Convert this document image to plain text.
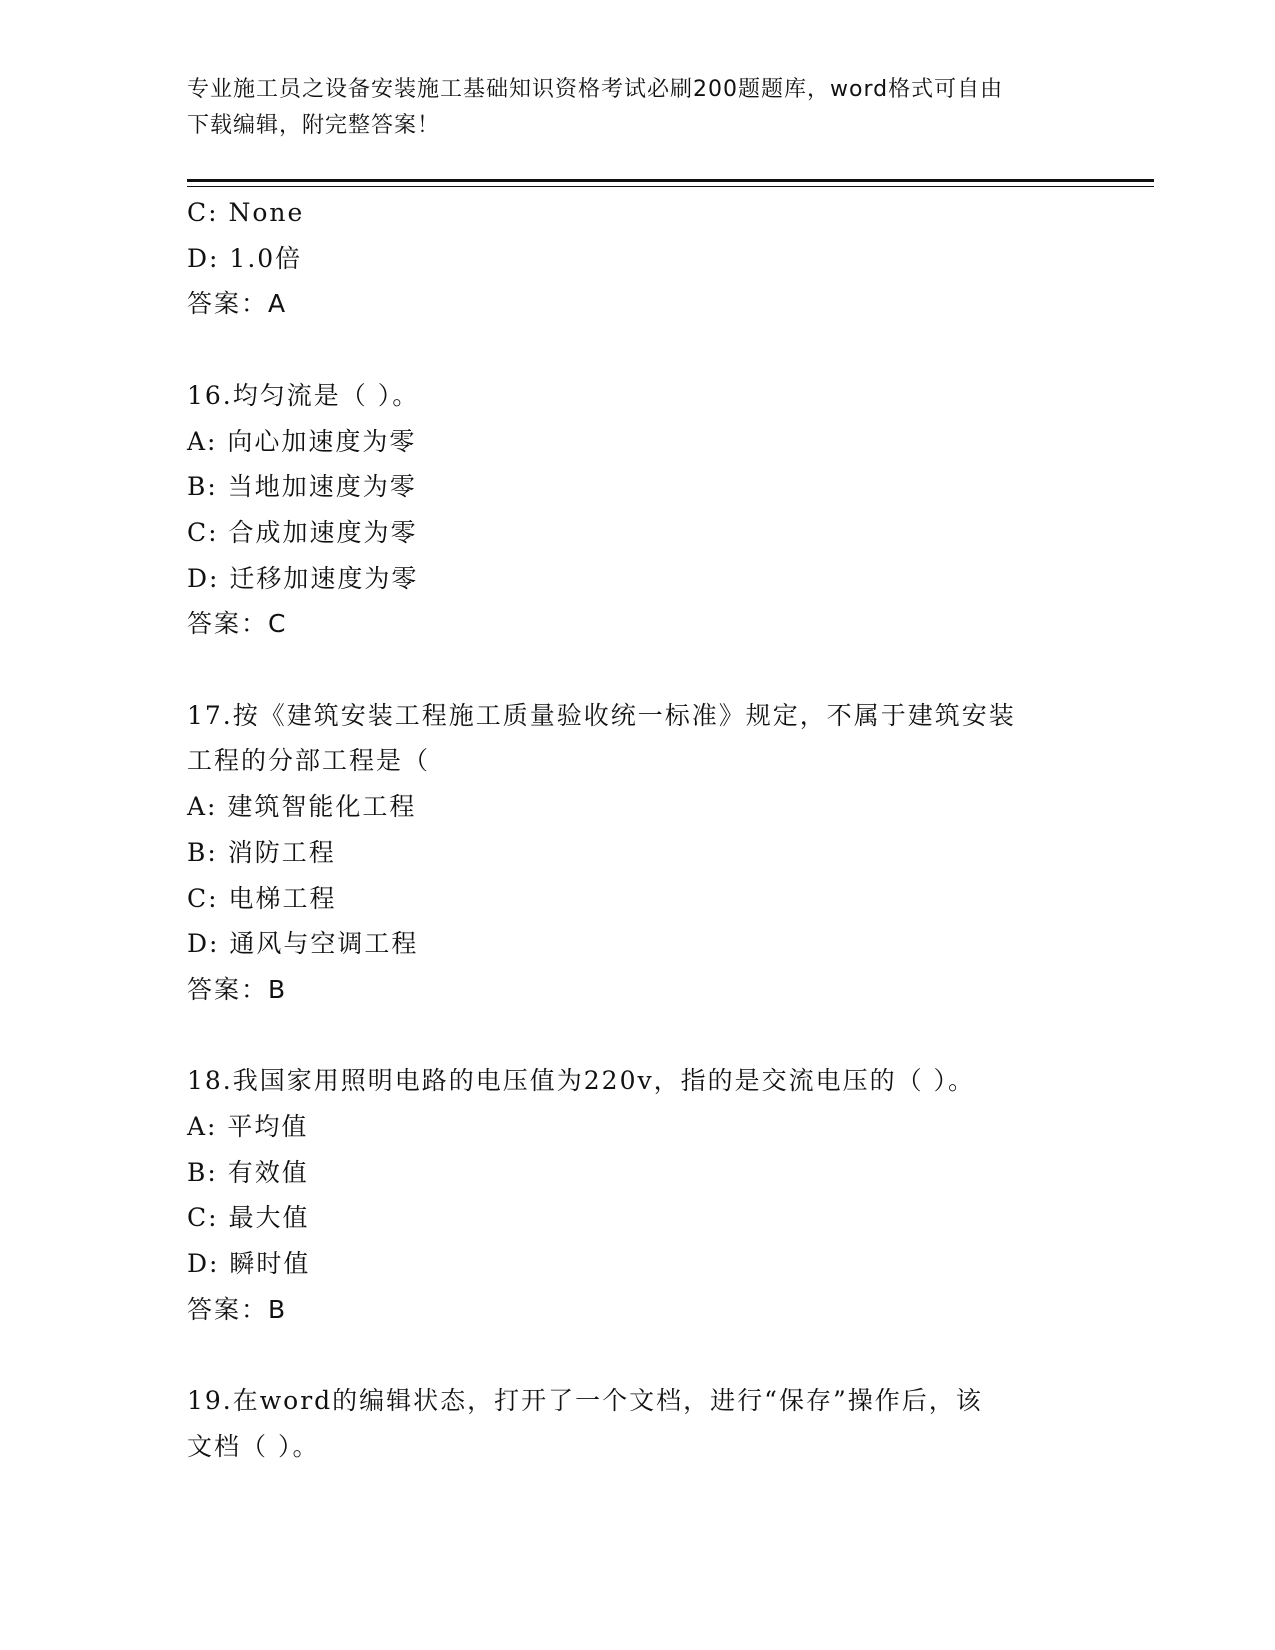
专业施工员之设备安装施工基础知识资格考试必刷200题题库，word格式可自由
下载编辑，附完整答案！
C: None
D: 1.0倍
答案：A
16.均匀流是（ ）。
A: 向心加速度为零
B: 当地加速度为零
C: 合成加速度为零
D: 迁移加速度为零
答案：C
17.按《建筑安装工程施工质量验收统一标准》规定，不属于建筑安装
工程的分部工程是（
A: 建筑智能化工程
B: 消防工程
C: 电梯工程
D: 通风与空调工程
答案：B
18.我国家用照明电路的电压值为220v，指的是交流电压的（ ）。
A: 平均值
B: 有效值
C: 最大值
D: 瞬时值
答案：B
19.在word的编辑状态，打开了一个文档，进行“保存”操作后，该
文档（ ）。
